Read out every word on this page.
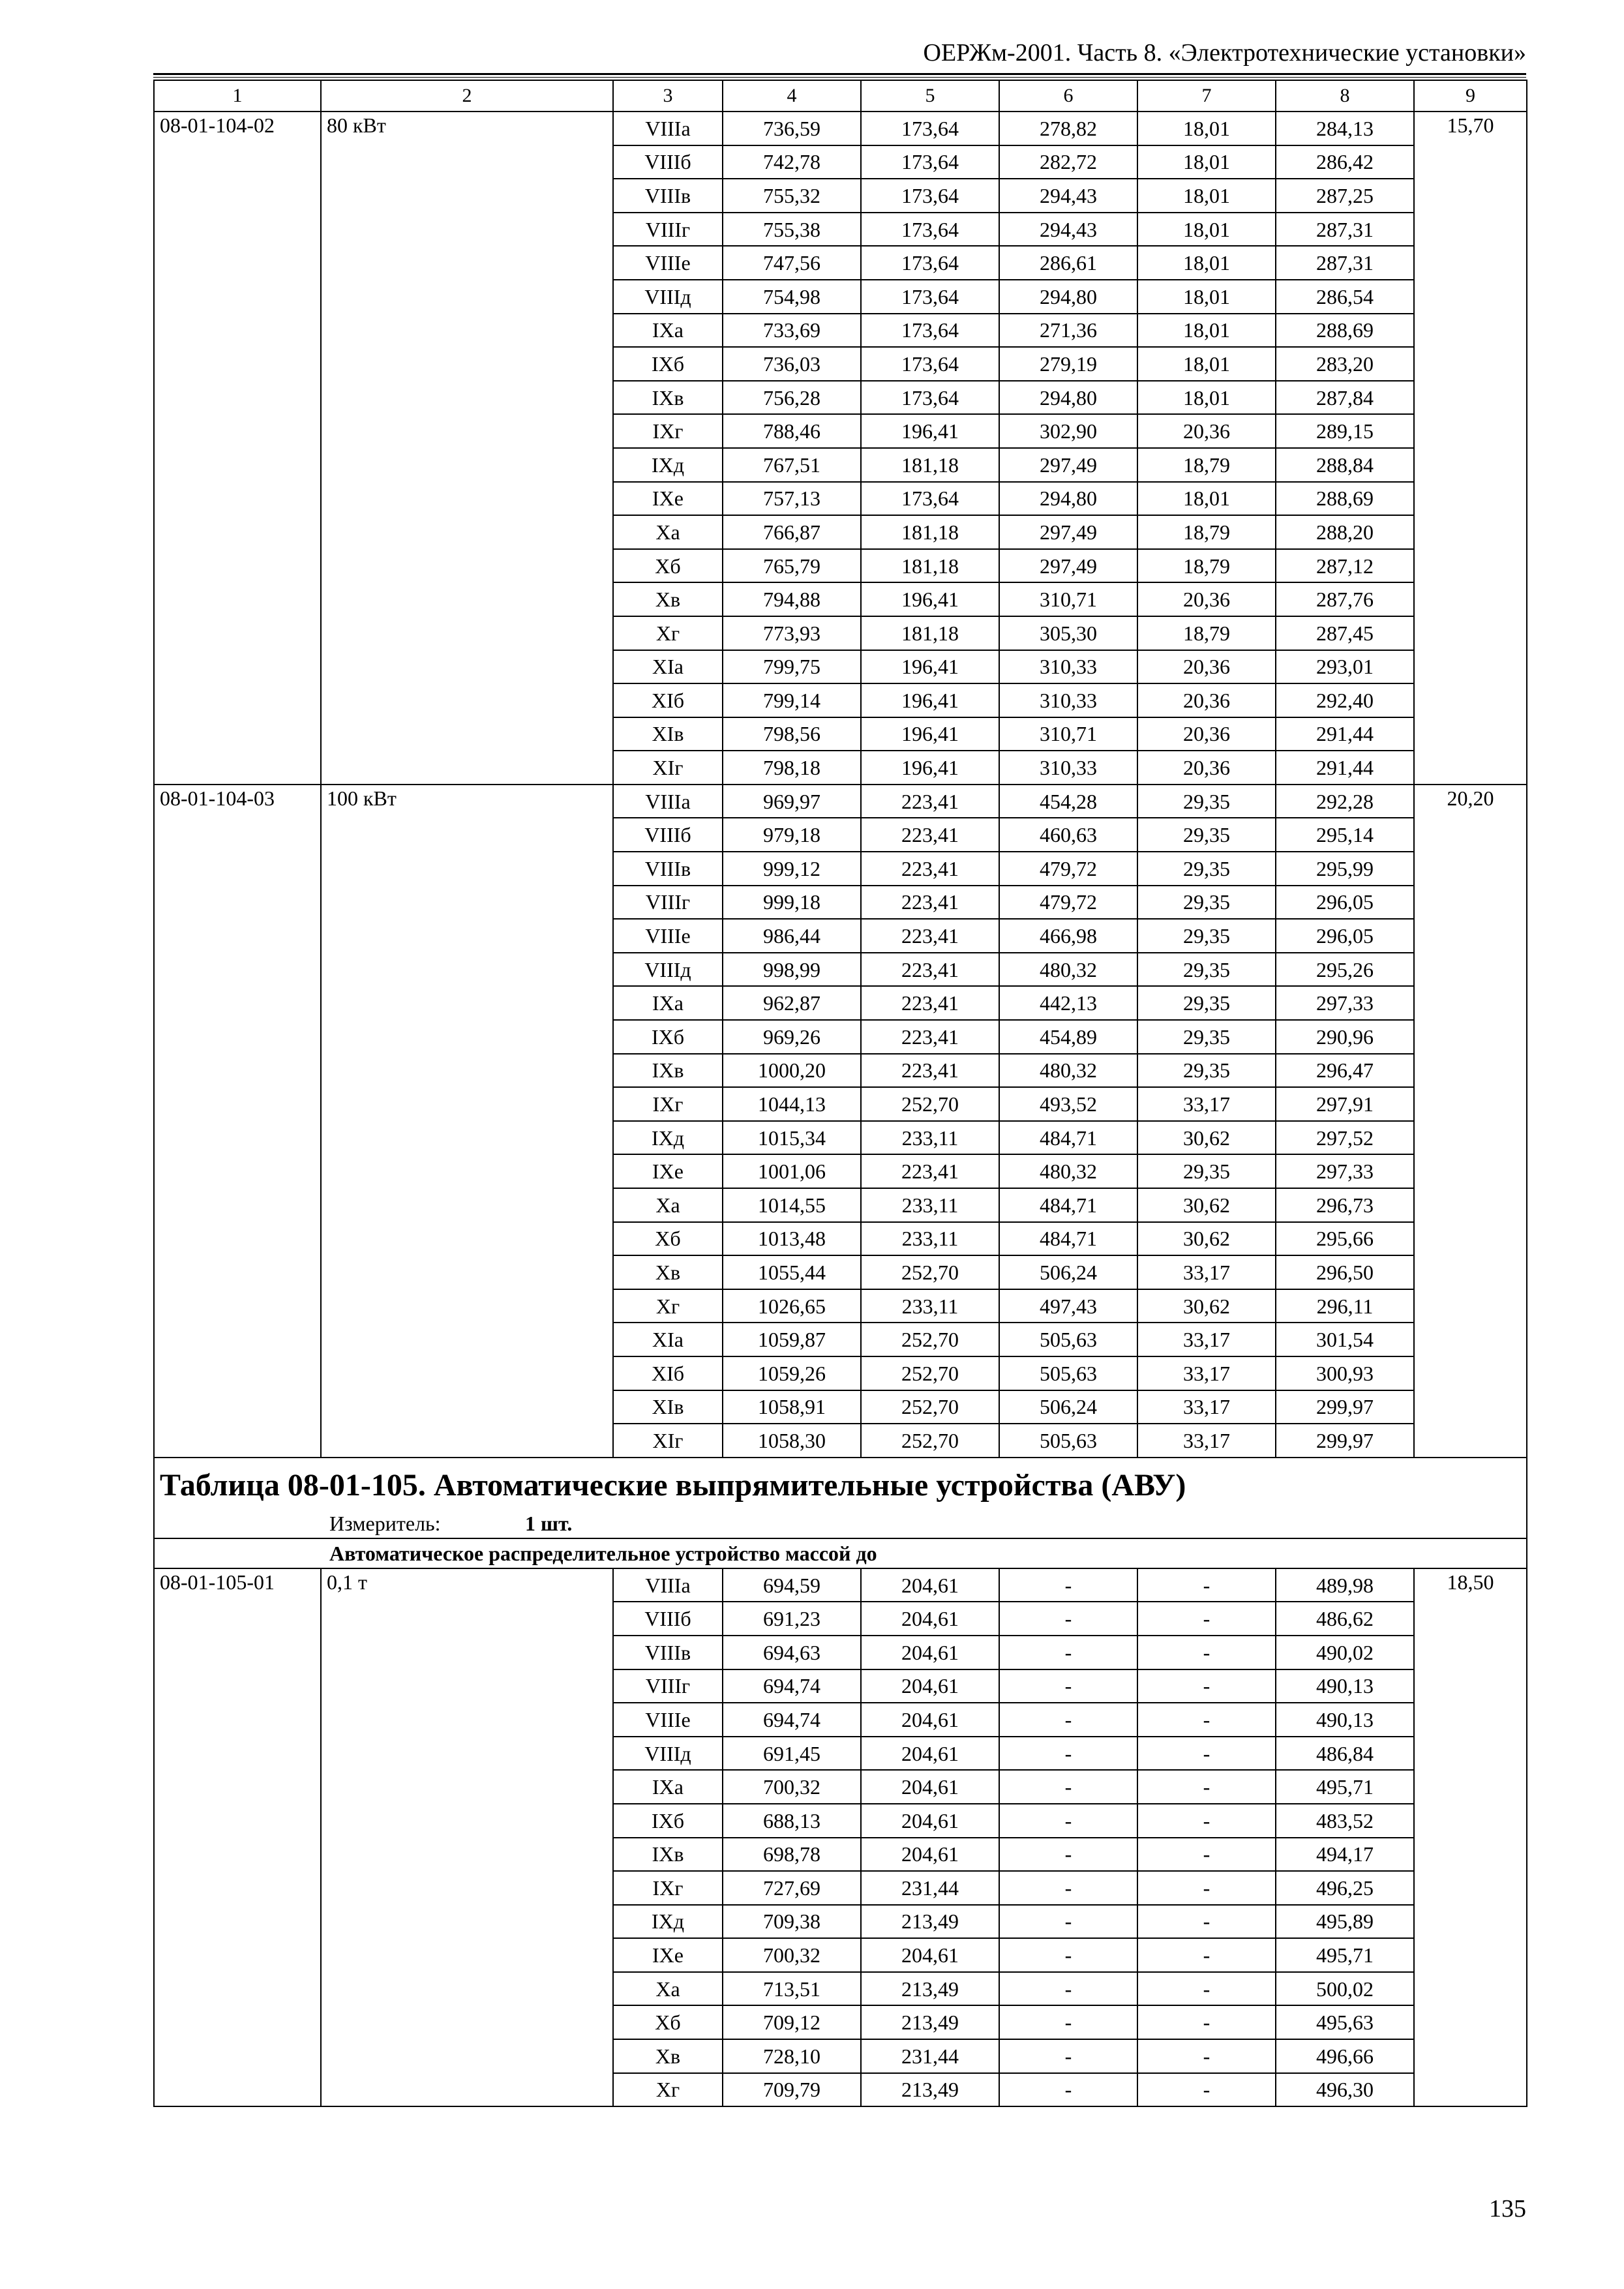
ОЕРЖм-2001. Часть 8. «Электротехнические установки»
1	2	3	4	5	6	7	8	9
08-01-104-02	80 кВт	VIIIа	736,59	173,64	278,82	18,01	284,13	15,70
		VIIIб	742,78	173,64	282,72	18,01	286,42	
		VIIIв	755,32	173,64	294,43	18,01	287,25	
		VIIIг	755,38	173,64	294,43	18,01	287,31	
		VIIIе	747,56	173,64	286,61	18,01	287,31	
		VIIIд	754,98	173,64	294,80	18,01	286,54	
		IXа	733,69	173,64	271,36	18,01	288,69	
		IXб	736,03	173,64	279,19	18,01	283,20	
		IXв	756,28	173,64	294,80	18,01	287,84	
		IXг	788,46	196,41	302,90	20,36	289,15	
		IXд	767,51	181,18	297,49	18,79	288,84	
		IXе	757,13	173,64	294,80	18,01	288,69	
		Xа	766,87	181,18	297,49	18,79	288,20	
		Xб	765,79	181,18	297,49	18,79	287,12	
		Xв	794,88	196,41	310,71	20,36	287,76	
		Xг	773,93	181,18	305,30	18,79	287,45	
		XIа	799,75	196,41	310,33	20,36	293,01	
		XIб	799,14	196,41	310,33	20,36	292,40	
		XIв	798,56	196,41	310,71	20,36	291,44	
		XIг	798,18	196,41	310,33	20,36	291,44	
08-01-104-03	100 кВт	VIIIа	969,97	223,41	454,28	29,35	292,28	20,20
		VIIIб	979,18	223,41	460,63	29,35	295,14	
		VIIIв	999,12	223,41	479,72	29,35	295,99	
		VIIIг	999,18	223,41	479,72	29,35	296,05	
		VIIIе	986,44	223,41	466,98	29,35	296,05	
		VIIIд	998,99	223,41	480,32	29,35	295,26	
		IXа	962,87	223,41	442,13	29,35	297,33	
		IXб	969,26	223,41	454,89	29,35	290,96	
		IXв	1000,20	223,41	480,32	29,35	296,47	
		IXг	1044,13	252,70	493,52	33,17	297,91	
		IXд	1015,34	233,11	484,71	30,62	297,52	
		IXе	1001,06	223,41	480,32	29,35	297,33	
		Xа	1014,55	233,11	484,71	30,62	296,73	
		Xб	1013,48	233,11	484,71	30,62	295,66	
		Xв	1055,44	252,70	506,24	33,17	296,50	
		Xг	1026,65	233,11	497,43	30,62	296,11	
		XIа	1059,87	252,70	505,63	33,17	301,54	
		XIб	1059,26	252,70	505,63	33,17	300,93	
		XIв	1058,91	252,70	506,24	33,17	299,97	
		XIг	1058,30	252,70	505,63	33,17	299,97	
Таблица 08-01-105. Автоматические выпрямительные устройства (АВУ)								
Измеритель: 1 шт.								
Автоматическое распределительное устройство массой до								
08-01-105-01	0,1 т	VIIIа	694,59	204,61	-	-	489,98	18,50
		VIIIб	691,23	204,61	-	-	486,62	
		VIIIв	694,63	204,61	-	-	490,02	
		VIIIг	694,74	204,61	-	-	490,13	
		VIIIе	694,74	204,61	-	-	490,13	
		VIIIд	691,45	204,61	-	-	486,84	
		IXа	700,32	204,61	-	-	495,71	
		IXб	688,13	204,61	-	-	483,52	
		IXв	698,78	204,61	-	-	494,17	
		IXг	727,69	231,44	-	-	496,25	
		IXд	709,38	213,49	-	-	495,89	
		IXе	700,32	204,61	-	-	495,71	
		Xа	713,51	213,49	-	-	500,02	
		Xб	709,12	213,49	-	-	495,63	
		Xв	728,10	231,44	-	-	496,66	
		Xг	709,79	213,49	-	-	496,30	
135
